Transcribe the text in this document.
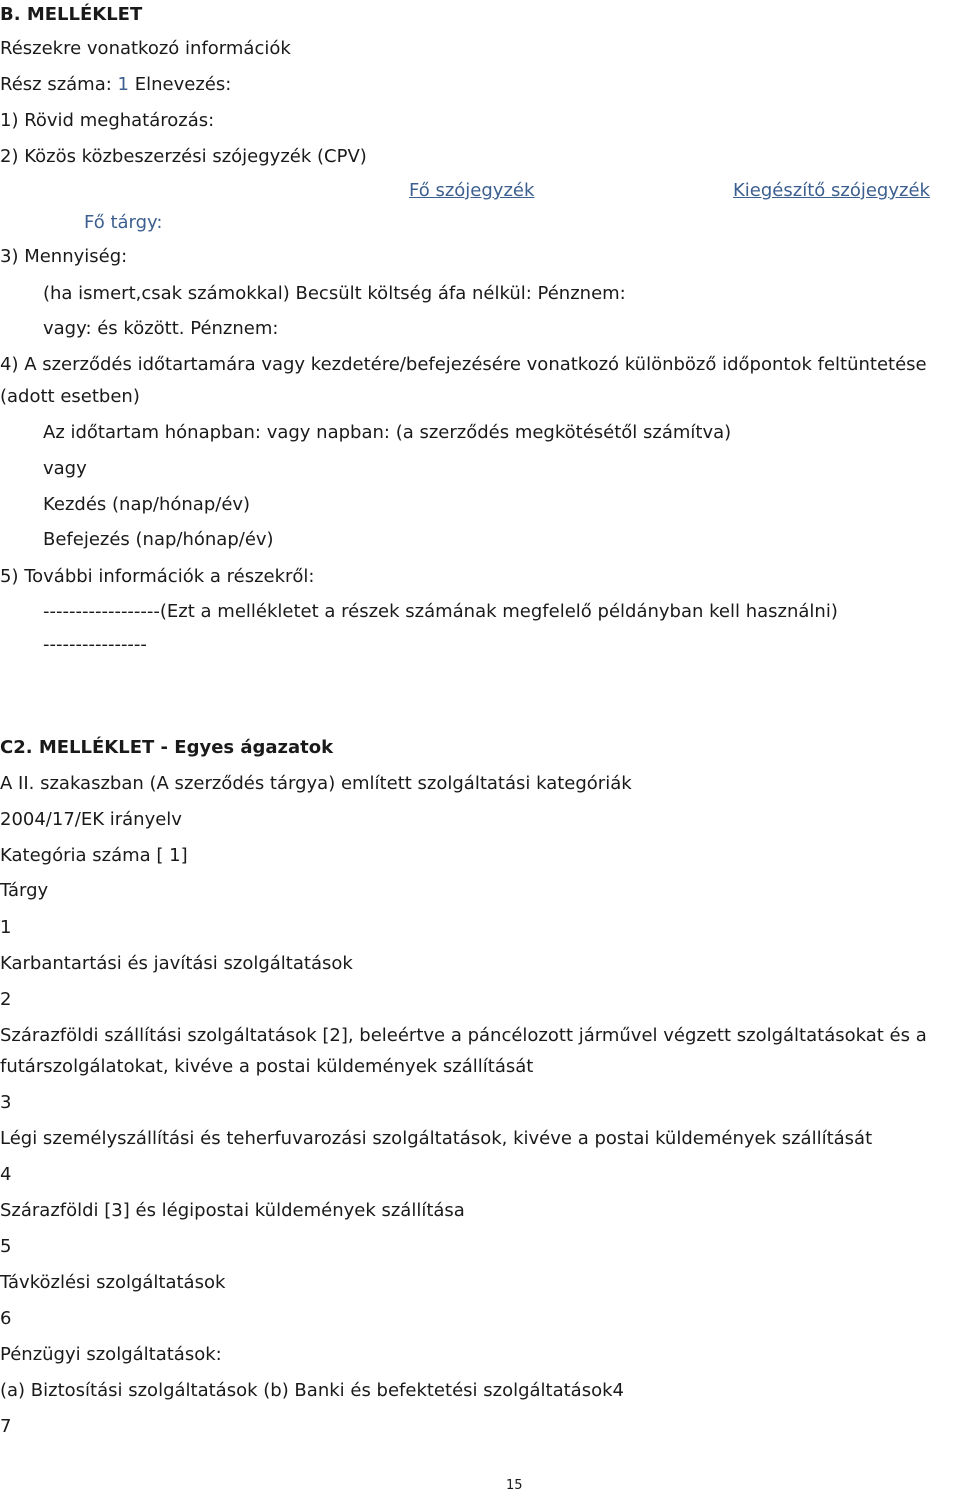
B. MELLÉKLET
Részekre vonatkozó információk
Rész száma: 1 Elnevezés:
1) Rövid meghatározás:
2) Közös közbeszerzési szójegyzék (CPV)
Fő szójegyzék	Kiegészítő szójegyzék
Fő tárgy:
3) Mennyiség:
(ha ismert,csak számokkal) Becsült költség áfa nélkül: Pénznem:
vagy: és között. Pénznem:
4) A szerződés időtartamára vagy kezdetére/befejezésére vonatkozó különböző időpontok feltüntetése
(adott esetben)
Az időtartam hónapban: vagy napban: (a szerződés megkötésétől számítva)
vagy
Kezdés (nap/hónap/év)
Befejezés (nap/hónap/év)
5) További információk a részekről:
------------------(Ezt a mellékletet a részek számának megfelelő példányban kell használni)
----------------
C2. MELLÉKLET - Egyes ágazatok
A II. szakaszban (A szerződés tárgya) említett szolgáltatási kategóriák
2004/17/EK irányelv
Kategória száma [ 1]
Tárgy
1
Karbantartási és javítási szolgáltatások
2
Szárazföldi szállítási szolgáltatások [2], beleértve a páncélozott járművel végzett szolgáltatásokat és a
futárszolgálatokat, kivéve a postai küldemények szállítását
3
Légi személyszállítási és teherfuvarozási szolgáltatások, kivéve a postai küldemények szállítását
4
Szárazföldi [3] és légipostai küldemények szállítása
5
Távközlési szolgáltatások
6
Pénzügyi szolgáltatások:
(a) Biztosítási szolgáltatások (b) Banki és befektetési szolgáltatások4
7
15
